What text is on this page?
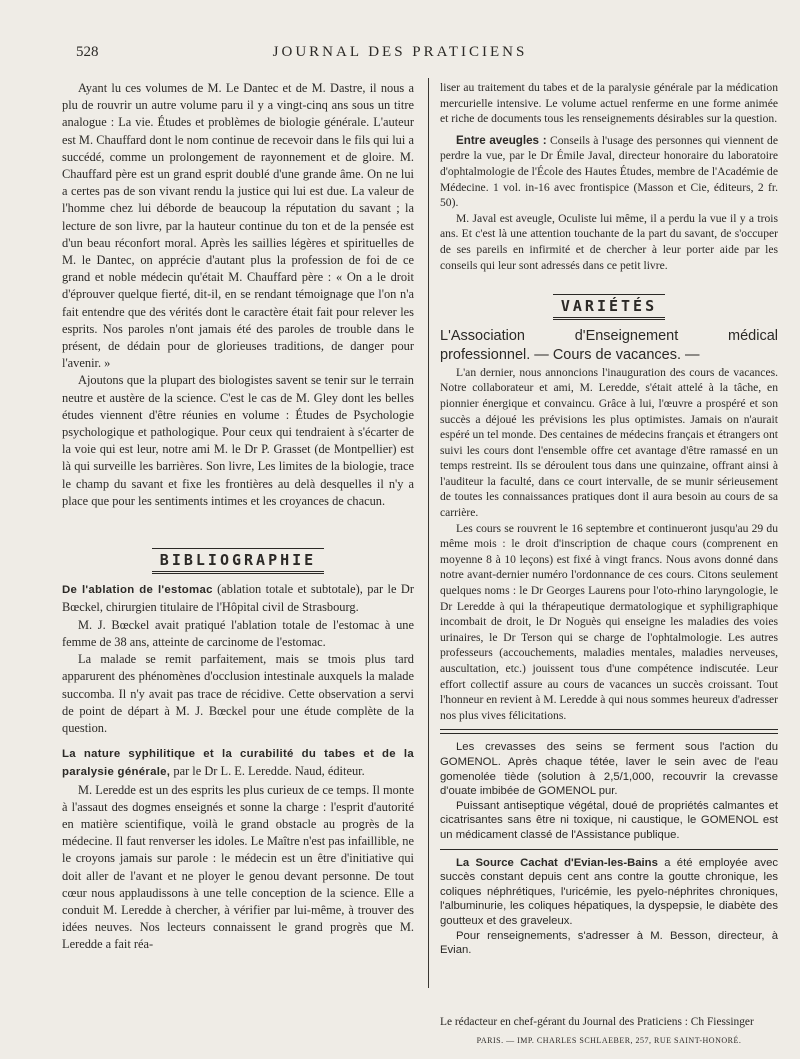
528	JOURNAL DES PRATICIENS

Ayant lu ces volumes de M. Le Dantec et de M. Dastre, il nous a plu de rouvrir un autre volume paru il y a vingt-cinq ans sous un titre analogue : La vie. Études et problèmes de biologie générale. L'auteur est M. Chauffard dont le nom continue de recevoir dans le fils qui lui a succédé, comme un prolongement de rayonnement et de gloire. M. Chauffard père est un grand esprit doublé d'une grande âme. On ne lui a certes pas de son vivant rendu la justice qui lui est due. La valeur de l'homme chez lui déborde de beaucoup la réputation du savant ; la lecture de son livre, par la hauteur continue du ton et de la pensée est d'un beau réconfort moral. Après les saillies légères et spirituelles de M. le Dantec, on apprécie d'autant plus la profession de foi de ce grand et noble médecin qu'était M. Chauffard père : « On a le droit d'éprouver quelque fierté, dit-il, en se rendant témoignage que l'on n'a fait entendre que des vérités dont le caractère était fait pour relever les esprits. Nos paroles n'ont jamais été des paroles de trouble dans le présent, de dédain pour de glorieuses traditions, de danger pour l'avenir. »

Ajoutons que la plupart des biologistes savent se tenir sur le terrain neutre et austère de la science. C'est le cas de M. Gley dont les belles études viennent d'être réunies en volume : Études de Psychologie psychologique et pathologique. Pour ceux qui tendraient à s'écarter de la voie qui est leur, notre ami M. le Dr P. Grasset (de Montpellier) est là qui surveille les barrières. Son livre, Les limites de la biologie, trace le champ du savant et fixe les frontières au delà desquelles il n'y a place que pour les sentiments intimes et les croyances de chacun.

BIBLIOGRAPHIE

De l'ablation de l'estomac (ablation totale et subtotale), par le Dr Bœckel, chirurgien titulaire de l'Hôpital civil de Strasbourg.

M. J. Bœckel avait pratiqué l'ablation totale de l'estomac à une femme de 38 ans, atteinte de carcinome de l'estomac.

La malade se remit parfaitement, mais se tmois plus tard apparurent des phénomènes d'occlusion intestinale auxquels la malade succomba. Il n'y avait pas trace de récidive. Cette observation a servi de point de départ à M. J. Bœckel pour une étude complète de la question.

La nature syphilitique et la curabilité du tabes et de la paralysie générale, par le Dr L. E. Leredde. Naud, éditeur.

M. Leredde est un des esprits les plus curieux de ce temps. Il monte à l'assaut des dogmes enseignés et sonne la charge : l'esprit d'autorité en matière scientifique, voilà le grand obstacle au progrès de la médecine. Il faut renverser les idoles. Le Maître n'est pas infaillible, ne le croyons jamais sur parole : le médecin est un être d'initiative qui doit aller de l'avant et ne ployer le genou devant personne. De tout cœur nous applaudissons à une telle conception de la science. Elle a conduit M. Leredde à chercher, à vérifier par lui-même, à trouver des idées neuves. Nos lecteurs connaissent le grand progrès que M. Leredde a fait réa-

liser au traitement du tabes et de la paralysie générale par la médication mercurielle intensive. Le volume actuel renferme en une forme animée et riche de documents tous les renseignements désirables sur la question.

Entre aveugles : Conseils à l'usage des personnes qui viennent de perdre la vue, par le Dr Émile Javal, directeur honoraire du laboratoire d'ophtalmologie de l'École des Hautes Études, membre de l'Académie de Médecine. 1 vol. in-16 avec frontispice (Masson et Cie, éditeurs, 2 fr. 50).

M. Javal est aveugle, Oculiste lui même, il a perdu la vue il y a trois ans. Et c'est là une attention touchante de la part du savant, de s'occuper de ses pareils en infirmité et de chercher à leur porter aide par les conseils qui leur sont adressés dans ce petit livre.

VARIÉTÉS

L'Association d'Enseignement médical professionnel. — Cours de vacances. —

L'an dernier, nous annoncions l'inauguration des cours de vacances. Notre collaborateur et ami, M. Leredde, s'était attelé à la tâche, en pionnier énergique et convaincu. Grâce à lui, l'œuvre a prospéré et son succès a déjoué les prévisions les plus optimistes. Jamais on n'aurait espéré un tel monde. Des centaines de médecins français et étrangers ont suivi les cours dont l'ensemble offre cet avantage d'être ramassé en un temps restreint. Ils se déroulent tous dans une quinzaine, offrant ainsi à l'auditeur la faculté, dans ce court intervalle, de se munir sérieusement de toutes les connaissances pratiques dont il aura besoin au cours de sa carrière.

Les cours se rouvrent le 16 septembre et continueront jusqu'au 29 du même mois : le droit d'inscription de chaque cours (comprenent en moyenne 8 à 10 leçons) est fixé à vingt francs. Nous avons donné dans notre avant-dernier numéro l'ordonnance de ces cours. Citons seulement quelques noms : le Dr Georges Laurens pour l'oto-rhino laryngologie, le Dr Leredde à qui la thérapeutique dermatologique et syphiligraphique incombait de droit, le Dr Noguès qui enseigne les maladies des voies urinaires, le Dr Terson qui se charge de l'ophtalmologie. Les autres professeurs (accouchements, maladies mentales, maladies nerveuses, auscultation, etc.) jouissent tous d'une compétence indiscutée. Leur effort collectif assure au cours de vacances un succès croissant. Tout l'honneur en revient à M. Leredde à qui nous sommes heureux d'adresser nos plus vives félicitations.

Les crevasses des seins se ferment sous l'action du GOMENOL. Après chaque tétée, laver le sein avec de l'eau gomenolée tiède (solution à 2,5/1,000, recouvrir la crevasse d'ouate imbibée de GOMENOL pur.

Puissant antiseptique végétal, doué de propriétés calmantes et cicatrisantes sans être ni toxique, ni caustique, le GOMENOL est un médicament classé de l'Assistance publique.

La Source Cachat d'Evian-les-Bains a été employée avec succès constant depuis cent ans contre la goutte chronique, les coliques néphrétiques, l'uricémie, les pyelo-néphrites chroniques, l'albuminurie, les coliques hépatiques, la dyspepsie, le diabète des goutteux et des graveleux.

Pour renseignements, s'adresser à M. Besson, directeur, à Evian.

Le rédacteur en chef-gérant du Journal des Praticiens : Ch Fiessinger
PARIS. — IMP. CHARLES SCHLAEBER, 257, RUE SAINT-HONORÉ.
